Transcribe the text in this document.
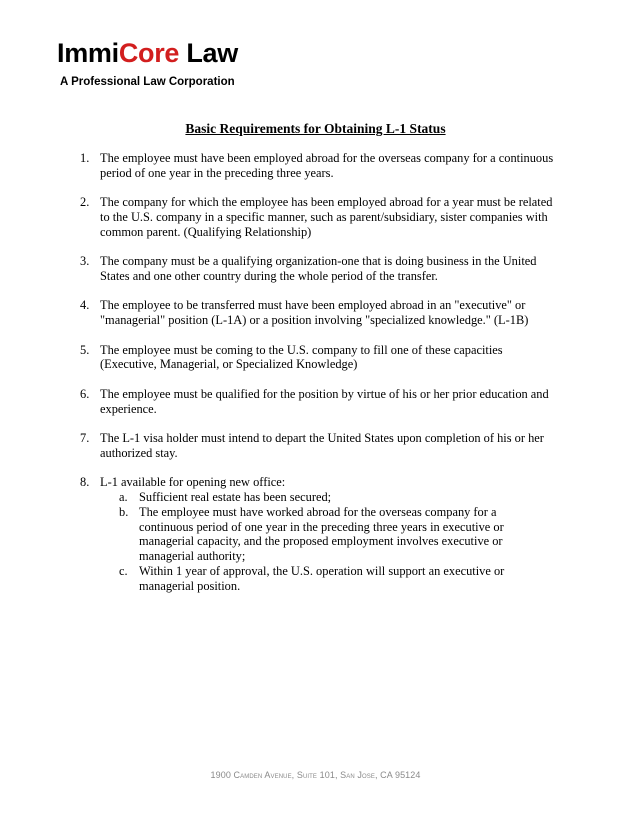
ImmiCore Law
A Professional Law Corporation
Basic Requirements for Obtaining L-1 Status
1. The employee must have been employed abroad for the overseas company for a continuous period of one year in the preceding three years.
2. The company for which the employee has been employed abroad for a year must be related to the U.S. company in a specific manner, such as parent/subsidiary, sister companies with common parent. (Qualifying Relationship)
3. The company must be a qualifying organization-one that is doing business in the United States and one other country during the whole period of the transfer.
4. The employee to be transferred must have been employed abroad in an "executive" or "managerial" position (L-1A) or a position involving "specialized knowledge." (L-1B)
5. The employee must be coming to the U.S. company to fill one of these capacities (Executive, Managerial, or Specialized Knowledge)
6. The employee must be qualified for the position by virtue of his or her prior education and experience.
7. The L-1 visa holder must intend to depart the United States upon completion of his or her authorized stay.
8. L-1 available for opening new office:
a. Sufficient real estate has been secured;
b. The employee must have worked abroad for the overseas company for a continuous period of one year in the preceding three years in executive or managerial capacity, and the proposed employment involves executive or managerial authority;
c. Within 1 year of approval, the U.S. operation will support an executive or managerial position.
1900 Camden Avenue, Suite 101, San Jose, CA 95124
